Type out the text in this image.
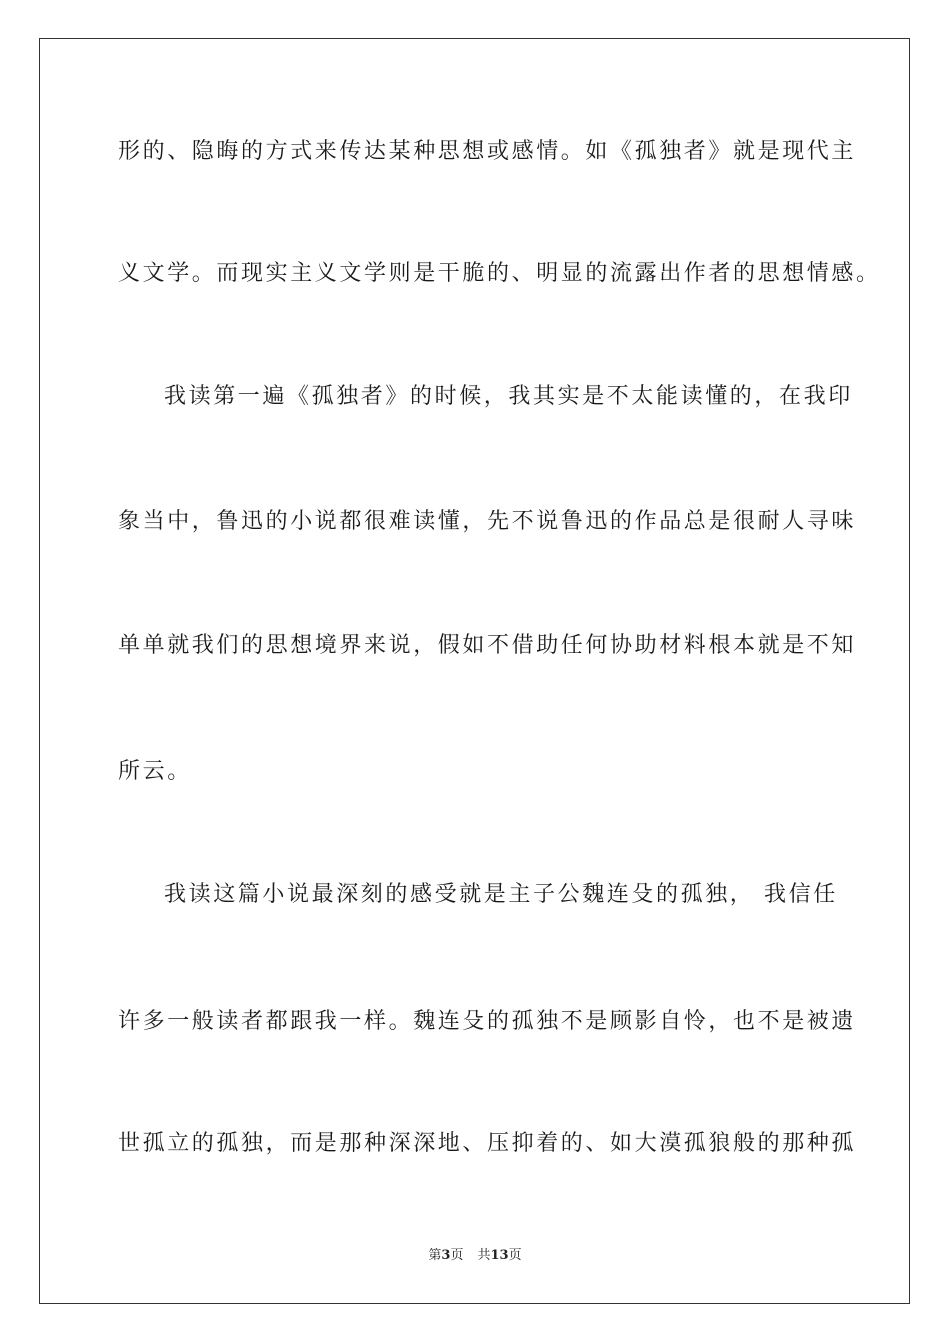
形的、隐晦的方式来传达某种思想或感情。如《孤独者》就是现代主
义文学。而现实主义文学则是干脆的、明显的流露出作者的思想情感。
我读第一遍《孤独者》的时候，我其实是不太能读懂的，在我印
象当中，鲁迅的小说都很难读懂，先不说鲁迅的作品总是很耐人寻味
单单就我们的思想境界来说，假如不借助任何协助材料根本就是不知
所云。
我读这篇小说最深刻的感受就是主子公魏连殳的孤独， 我信任
许多一般读者都跟我一样。魏连殳的孤独不是顾影自怜，也不是被遗
世孤立的孤独，而是那种深深地、压抑着的、如大漠孤狼般的那种孤
第3页 共13页
